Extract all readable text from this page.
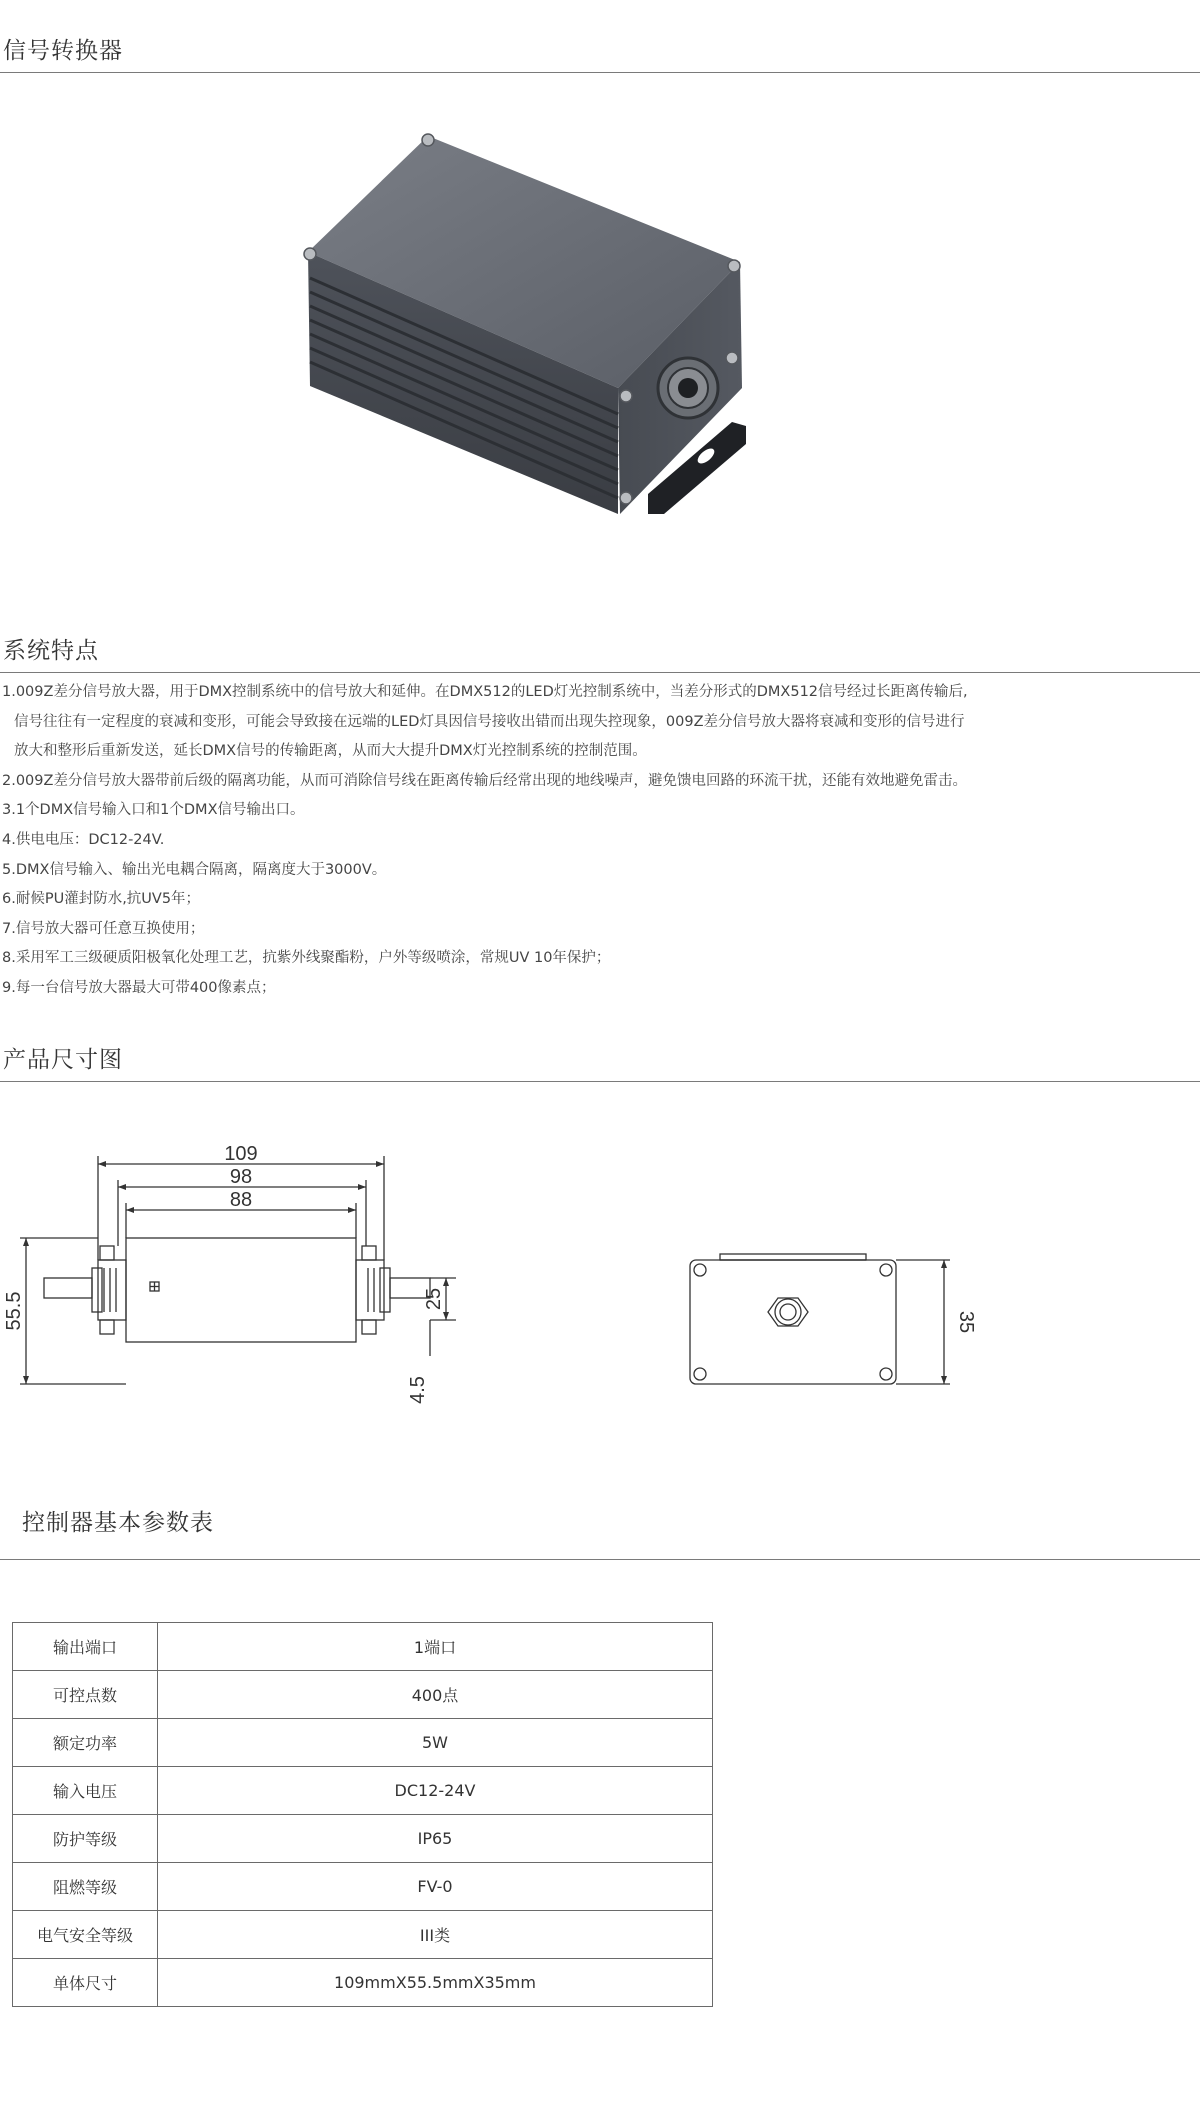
信号转换器
系统特点
1.009Z差分信号放大器，用于DMX控制系统中的信号放大和延伸。在DMX512的LED灯光控制系统中，当差分形式的DMX512信号经过长距离传输后,
信号往往有一定程度的衰减和变形，可能会导致接在远端的LED灯具因信号接收出错而出现失控现象，009Z差分信号放大器将衰减和变形的信号进行
放大和整形后重新发送，延长DMX信号的传输距离，从而大大提升DMX灯光控制系统的控制范围。
2.009Z差分信号放大器带前后级的隔离功能，从而可消除信号线在距离传输后经常出现的地线噪声，避免馈电回路的环流干扰，还能有效地避免雷击。
3.1个DMX信号输入口和1个DMX信号输出口。
4.供电电压：DC12-24V.
5.DMX信号输入、输出光电耦合隔离，隔离度大于3000V。
6.耐候PU灌封防水,抗UV5年；
7.信号放大器可任意互换使用；
8.采用军工三级硬质阳极氧化处理工艺，抗紫外线聚酯粉，户外等级喷涂，常规UV 10年保护；
9.每一台信号放大器最大可带400像素点；
产品尺寸图
109
98
88
55.5	25
4.5
35
控制器基本参数表
输出端口	1端口
可控点数	400点
额定功率	5W
输入电压	DC12-24V
防护等级	IP65
阻燃等级	FV-0
电气安全等级	III类
单体尺寸	109mmX55.5mmX35mm
